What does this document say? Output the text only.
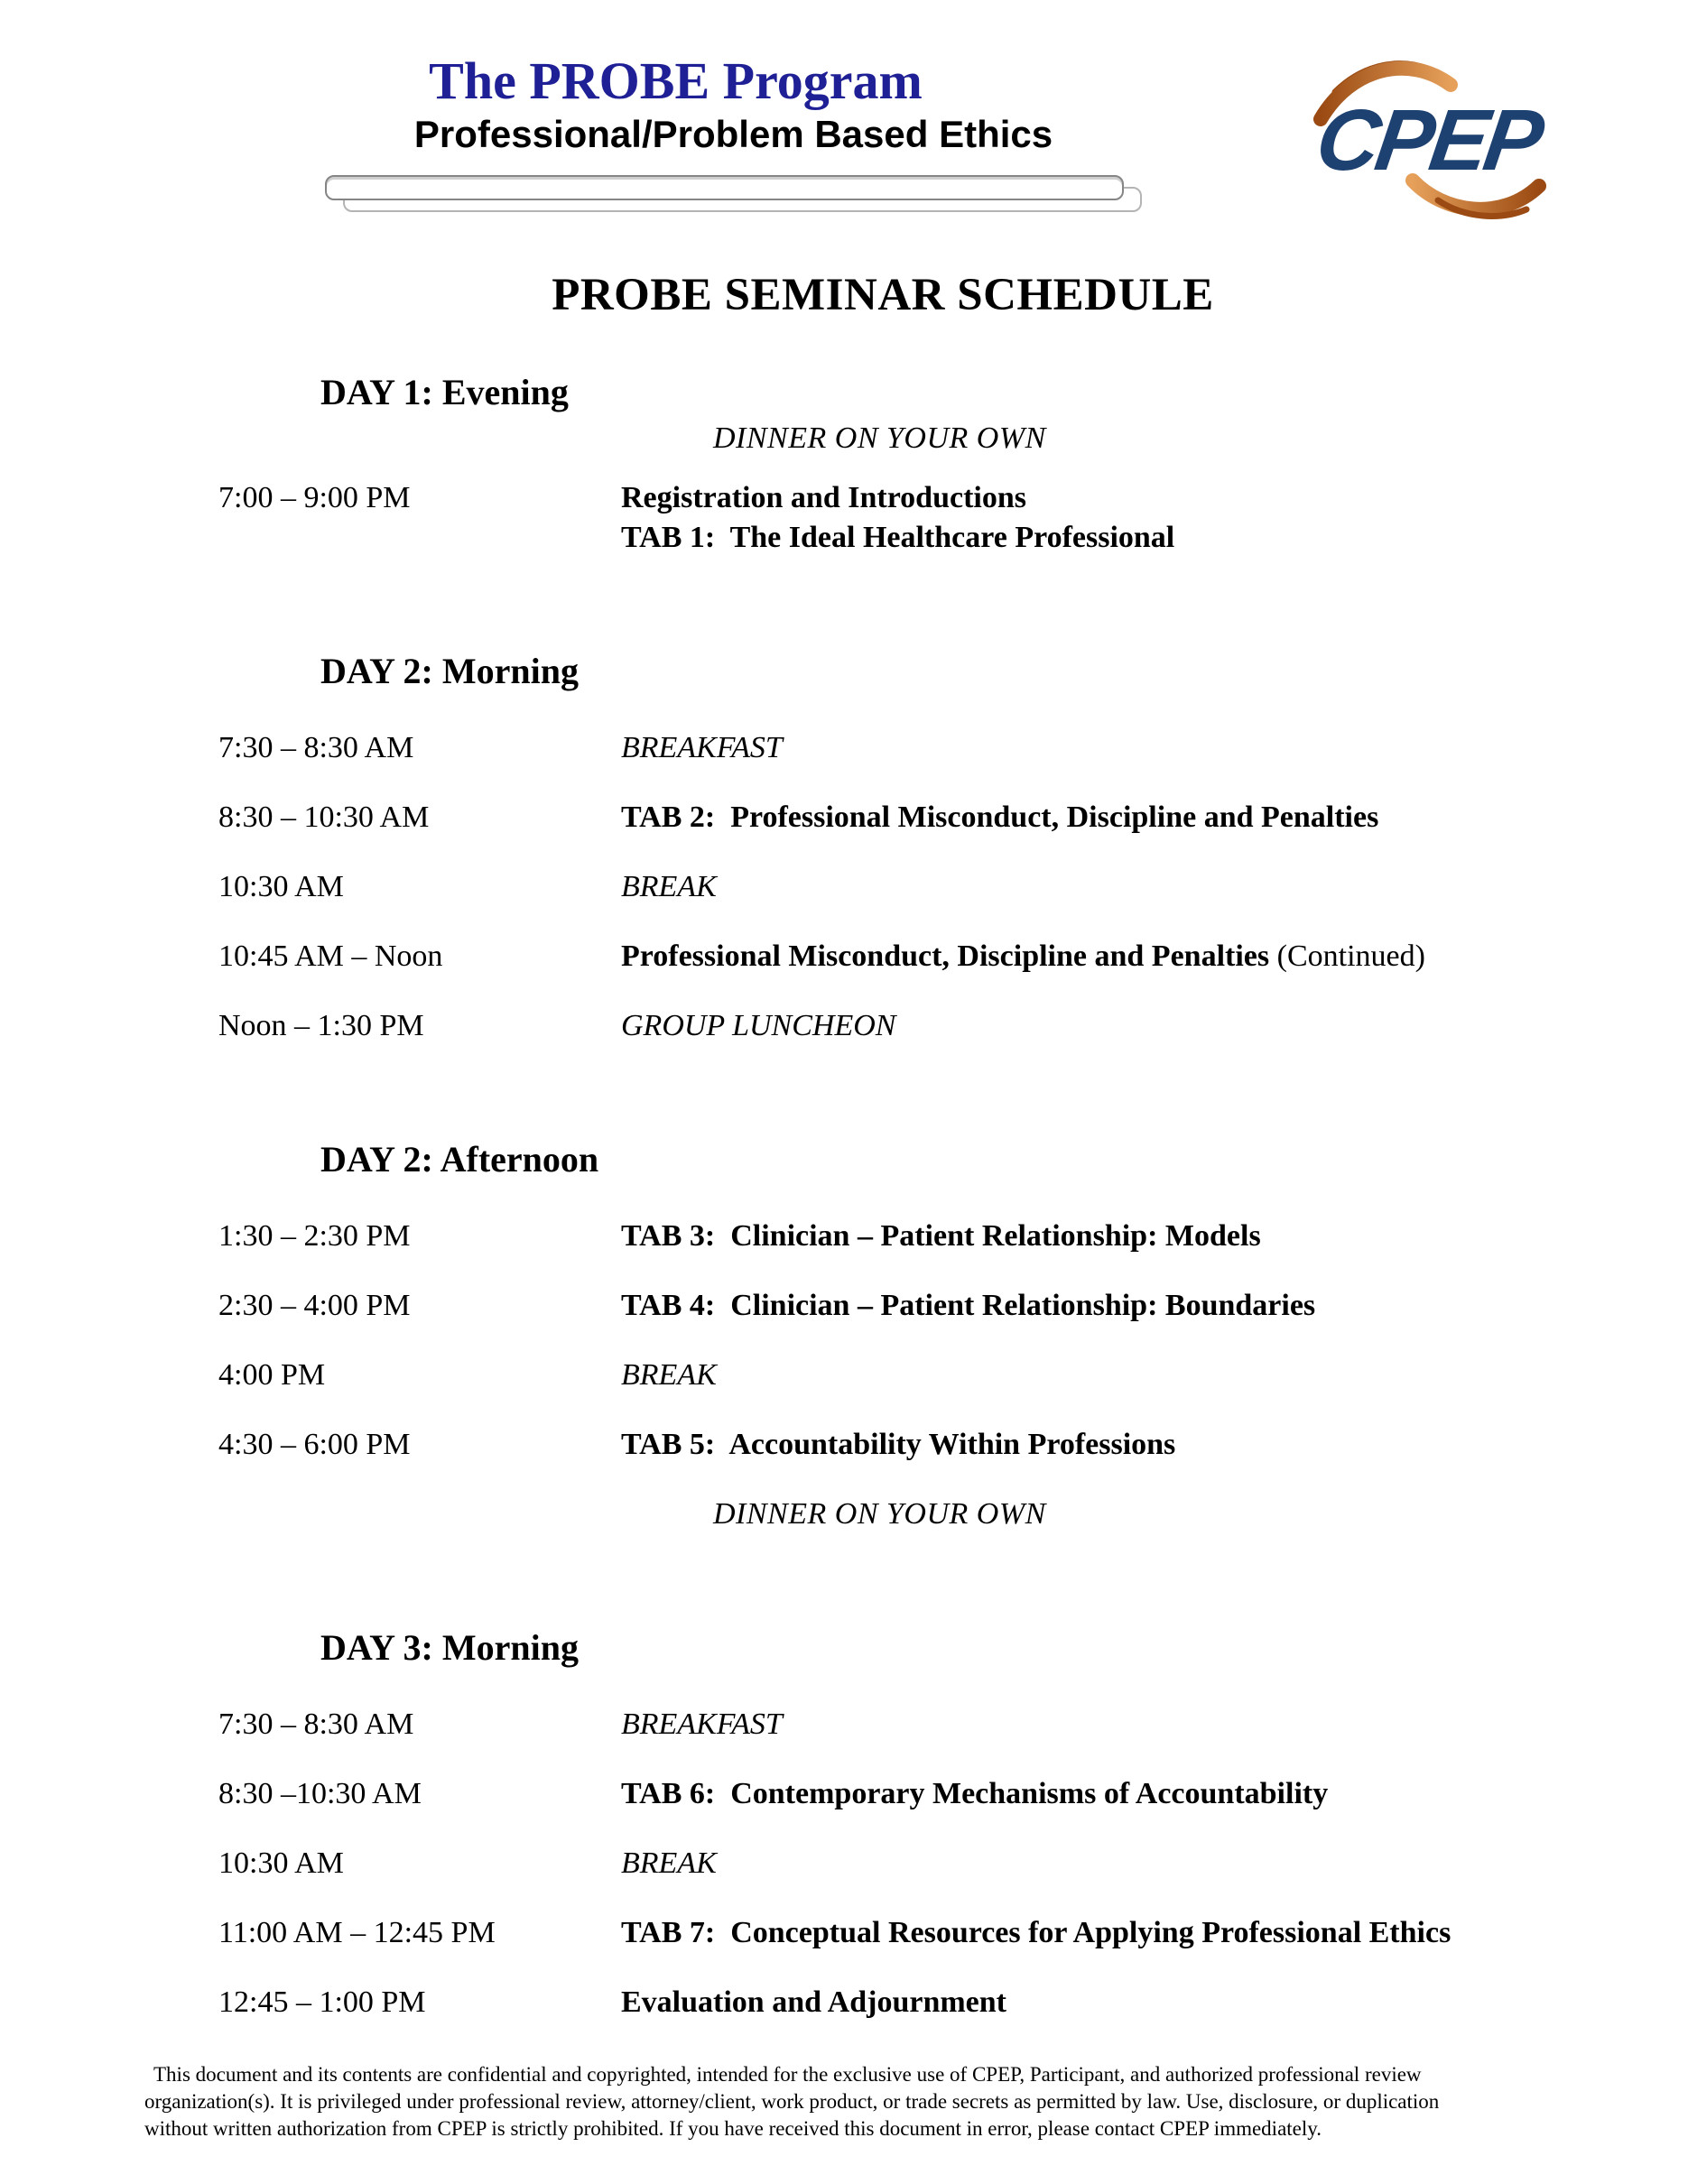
The PROBE Program
Professional/Problem Based Ethics	CPEP
PROBE SEMINAR SCHEDULE
DAY 1: Evening
DINNER ON YOUR OWN
7:00 – 9:00 PM	Registration and Introductions
TAB 1:  The Ideal Healthcare Professional
DAY 2: Morning
7:30 – 8:30 AM	BREAKFAST
8:30 – 10:30 AM	TAB 2:  Professional Misconduct, Discipline and Penalties
10:30 AM	BREAK
10:45 AM – Noon	Professional Misconduct, Discipline and Penalties (Continued)
Noon – 1:30 PM	GROUP LUNCHEON
DAY 2: Afternoon
1:30 – 2:30 PM	TAB 3:  Clinician – Patient Relationship: Models
2:30 – 4:00 PM	TAB 4:  Clinician – Patient Relationship: Boundaries
4:00 PM	BREAK
4:30 – 6:00 PM	TAB 5:  Accountability Within Professions
DINNER ON YOUR OWN
DAY 3: Morning
7:30 – 8:30 AM	BREAKFAST
8:30 –10:30 AM	TAB 6:  Contemporary Mechanisms of Accountability
10:30 AM	BREAK
11:00 AM – 12:45 PM	TAB 7:  Conceptual Resources for Applying Professional Ethics
12:45 – 1:00 PM	Evaluation and Adjournment
This document and its contents are confidential and copyrighted, intended for the exclusive use of CPEP, Participant, and authorized professional review
organization(s). It is privileged under professional review, attorney/client, work product, or trade secrets as permitted by law. Use, disclosure, or duplication
without written authorization from CPEP is strictly prohibited. If you have received this document in error, please contact CPEP immediately.
